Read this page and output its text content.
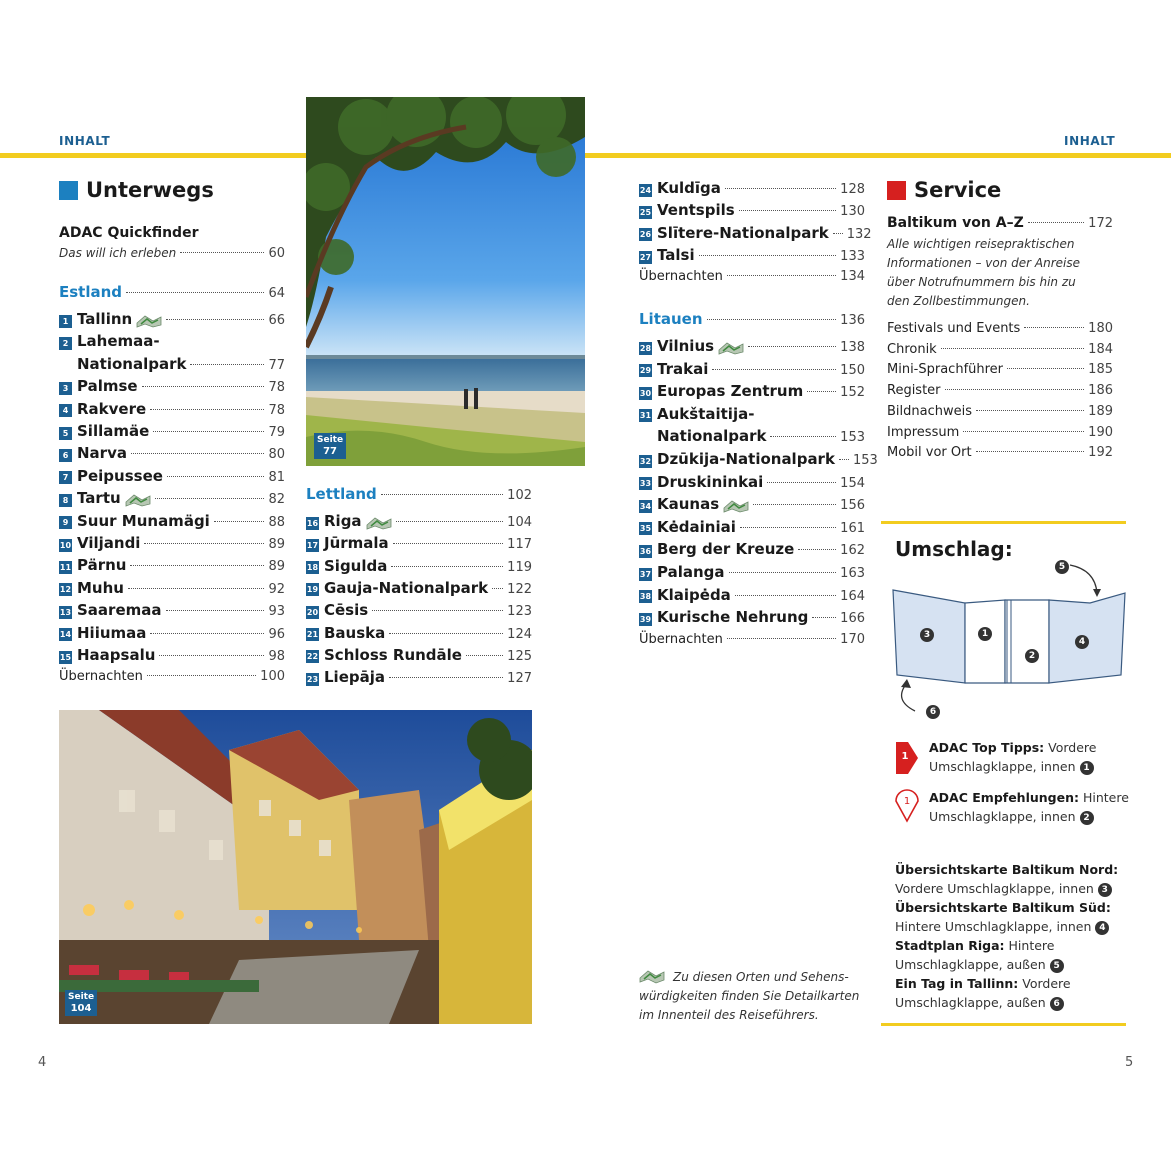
INHALT	INHALT
Unterwegs
ADAC Quickfinder
Das will ich erleben	60
Estland	64
1 Tallinn	66
2 Lahemaa-
Nationalpark	77
3 Palmse	78
4 Rakvere	78
5 Sillamäe	79
6 Narva	80
7 Peipussee	81
8 Tartu	82
9 Suur Munamägi	88
10 Viljandi	89
11 Pärnu	89
12 Muhu	92
13 Saaremaa	93
14 Hiiumaa	96
15 Haapsalu	98
Übernachten	100
Seite
77
Lettland	102
16 Riga	104
17 Jūrmala	117
18 Sigulda	119
19 Gauja-Nationalpark 122
20 Cēsis	123
21 Bauska	124
22 Schloss Rundāle	125
23 Liepāja	127
Seite
104
24 Kuldīga	128
25 Ventspils	130
26 Slītere-Nationalpark 132
27 Talsi	133
Übernachten	134
Litauen	136
28 Vilnius	138
29 Trakai	150
30 Europas Zentrum	152
31 Aukštaitija-
Nationalpark	153
32 Dzūkija-Nationalpark 153
33 Druskininkai	154
34 Kaunas	156
35 Kėdainiai	161
36 Berg der Kreuze	162
37 Palanga	163
38 Klaipėda	164
39 Kurische Nehrung 166
Übernachten	170
Zu diesen Orten und Sehens-
würdigkeiten finden Sie Detailkarten
im Innenteil des Reiseführers.
Service
Baltikum von A–Z	172
Alle wichtigen reisepraktischen
Informationen – von der Anreise
über Notrufnummern bis hin zu
den Zollbestimmungen.
Festivals und Events	180
Chronik	184
Mini-Sprachführer	185
Register	186
Bildnachweis	189
Impressum	190
Mobil vor Ort	192
Umschlag:
3	1
2
4
5
6
1
ADAC Top Tipps: Vordere
Umschlagklappe, innen 1
1	ADAC Empfehlungen: Hintere
Umschlagklappe, innen 2
Übersichtskarte Baltikum Nord:
Vordere Umschlagklappe, innen 3
Übersichtskarte Baltikum Süd:
Hintere Umschlagklappe, innen 4
Stadtplan Riga: Hintere
Umschlagklappe, außen 5
Ein Tag in Tallinn: Vordere
Umschlagklappe, außen 6
4	5
